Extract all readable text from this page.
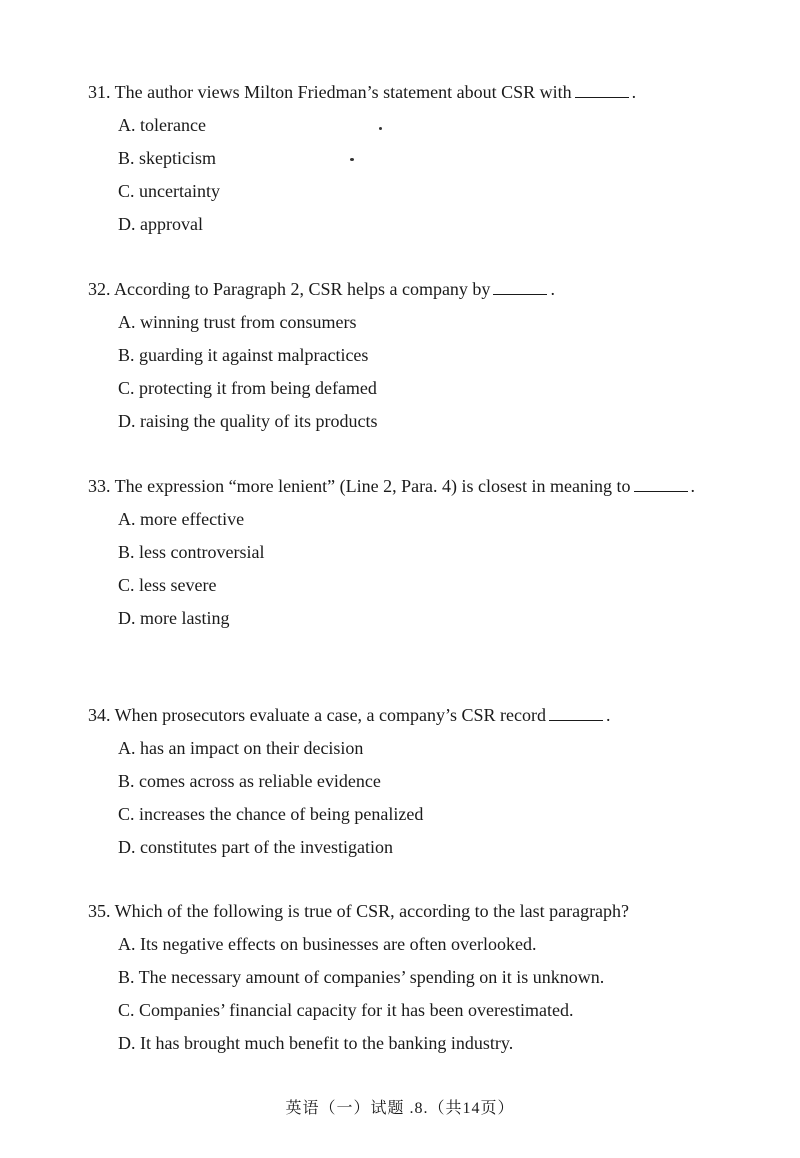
31. The author views Milton Friedman’s statement about CSR with	.

A. tolerance
B. skepticism
C. uncertainty
D. approval

32. According to Paragraph 2, CSR helps a company by	.

A. winning trust from consumers
B. guarding it against malpractices
C. protecting it from being defamed
D. raising the quality of its products

33. The expression “more lenient” (Line 2, Para. 4) is closest in meaning to	.

A. more effective
B. less controversial
C. less severe
D. more lasting

34. When prosecutors evaluate a case, a company’s CSR record	.

A. has an impact on their decision
B. comes across as reliable evidence
C. increases the chance of being penalized
D. constitutes part of the investigation

35. Which of the following is true of CSR, according to the last paragraph?

A. Its negative effects on businesses are often overlooked.
B. The necessary amount of companies’ spending on it is unknown.
C. Companies’ financial capacity for it has been overestimated.
D. It has brought much benefit to the banking industry.
英语（一）试题 .8.（共14页）
